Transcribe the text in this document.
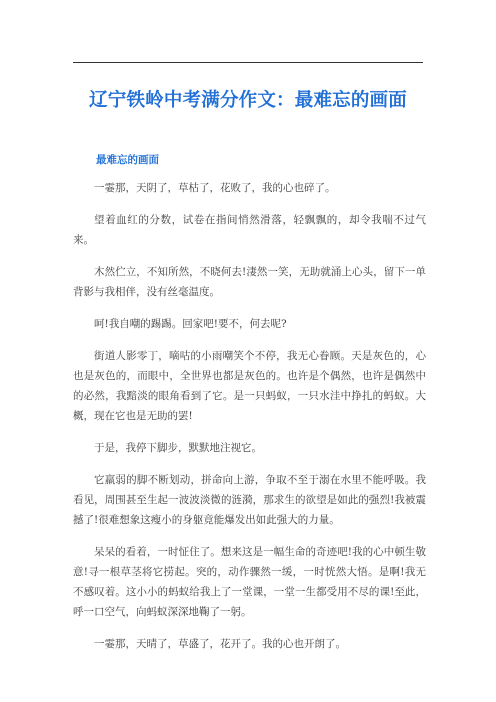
辽宁铁岭中考满分作文：最难忘的画面
最难忘的画面

一霎那，天阴了，草枯了，花败了，我的心也碎了。

望着血红的分数，试卷在指间悄然滑落，轻飘飘的，却令我喘不过气来。

木然伫立，不知所然，不晓何去!淒然一笑，无助就涌上心头，留下一单背影与我相伴，没有丝毫温度。

呵!我自嘲的踢踢。回家吧!要不，何去呢?

街道人影零丁，嘀咕的小雨嘲笑个不停，我无心眷顾。天是灰色的，心也是灰色的，而眼中，全世界也都是灰色的。也许是个偶然，也许是偶然中的必然，我黯淡的眼角看到了它。是一只蚂蚁，一只水洼中挣扎的蚂蚁。大概，现在它也是无助的罢!

于是，我停下脚步，默默地注视它。

它羸弱的脚不断划动，拼命向上游，争取不至于溺在水里不能呼吸。我看见，周围甚至生起一波波淡微的涟漪，那求生的欲望是如此的强烈!我被震撼了!很难想象这瘦小的身躯竟能爆发出如此强大的力量。

呆呆的看着，一时怔住了。想来这是一幅生命的奇迹吧!我的心中顿生敬意!寻一根草茎将它捞起。突的，动作骤然一缓，一时恍然大悟。是啊!我无不感叹着。这小小的蚂蚁给我上了一堂课，一堂一生都受用不尽的课!至此，呼一口空气，向蚂蚁深深地鞠了一躬。

一霎那，天晴了，草盛了，花开了。我的心也开朗了。
